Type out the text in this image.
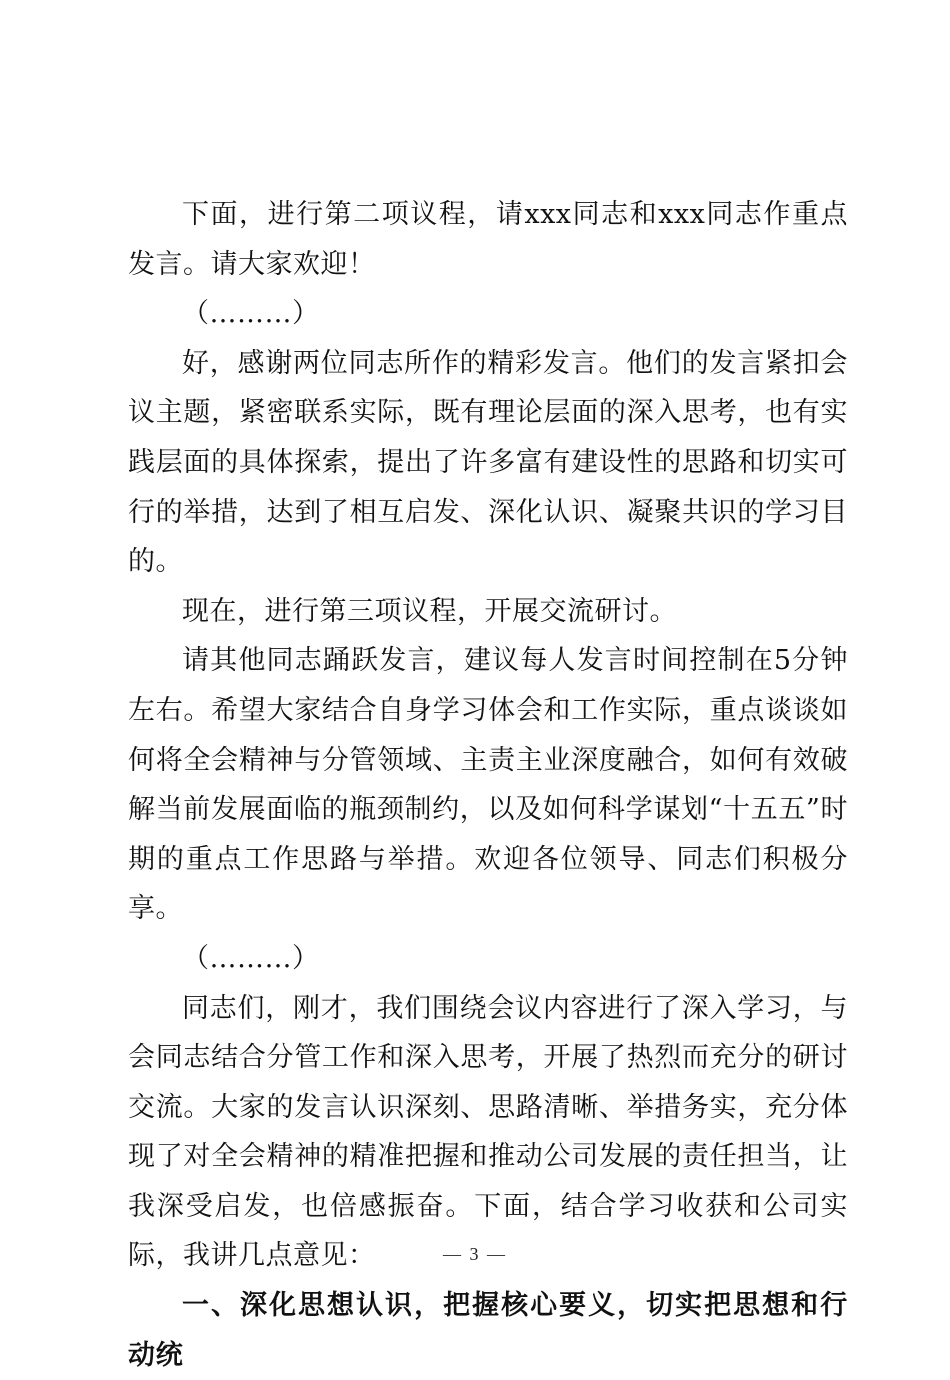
下面，进行第二项议程，请xxx同志和xxx同志作重点发言。请大家欢迎！

（………）

好，感谢两位同志所作的精彩发言。他们的发言紧扣会议主题，紧密联系实际，既有理论层面的深入思考，也有实践层面的具体探索，提出了许多富有建设性的思路和切实可行的举措，达到了相互启发、深化认识、凝聚共识的学习目的。

现在，进行第三项议程，开展交流研讨。

请其他同志踊跃发言，建议每人发言时间控制在5分钟左右。希望大家结合自身学习体会和工作实际，重点谈谈如何将全会精神与分管领域、主责主业深度融合，如何有效破解当前发展面临的瓶颈制约，以及如何科学谋划“十五五”时期的重点工作思路与举措。欢迎各位领导、同志们积极分享。

（………）

同志们，刚才，我们围绕会议内容进行了深入学习，与会同志结合分管工作和深入思考，开展了热烈而充分的研讨交流。大家的发言认识深刻、思路清晰、举措务实，充分体现了对全会精神的精准把握和推动公司发展的责任担当，让我深受启发，也倍感振奋。下面，结合学习收获和公司实际，我讲几点意见：

一、深化思想认识，把握核心要义，切实把思想和行动统

— 3 —
